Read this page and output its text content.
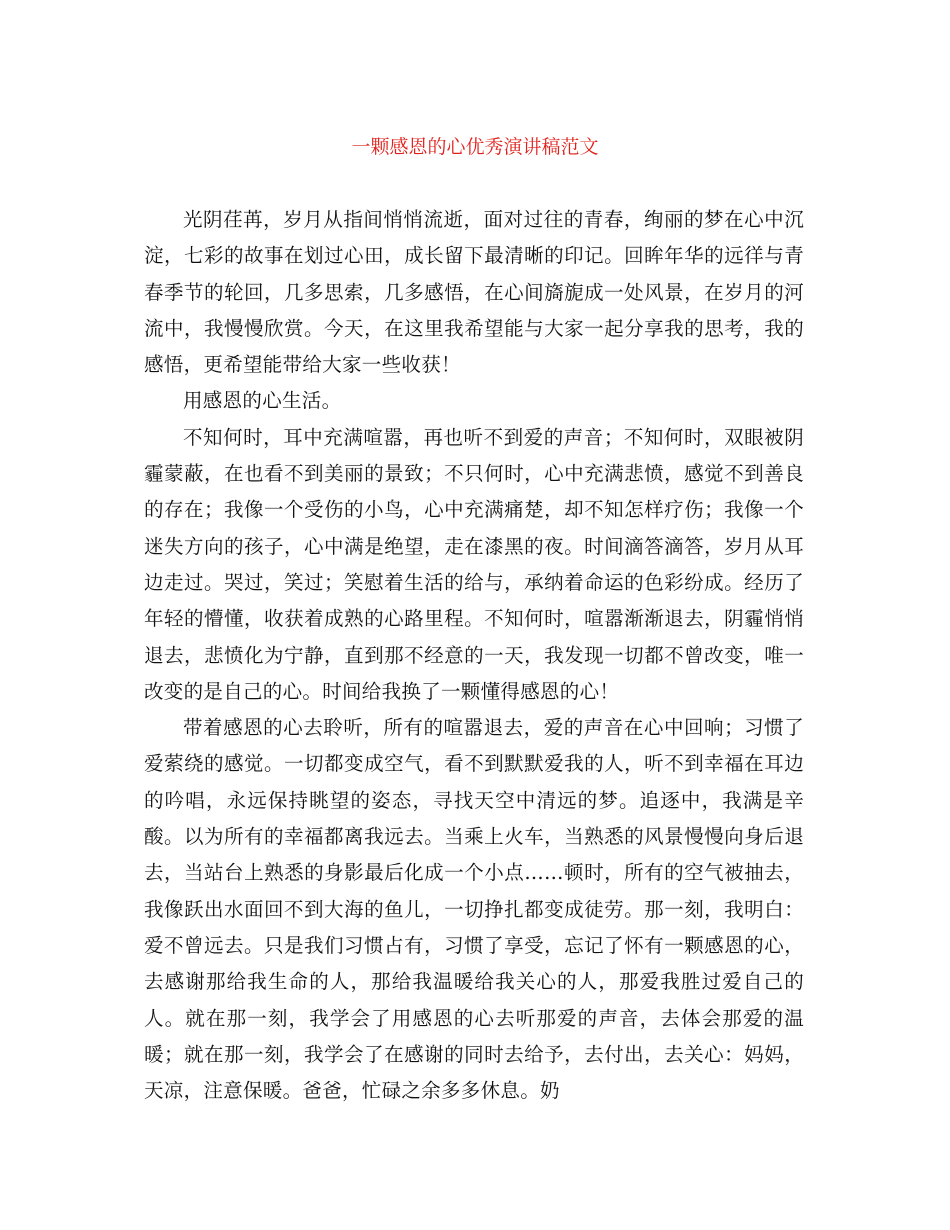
一颗感恩的心优秀演讲稿范文

光阴荏苒，岁月从指间悄悄流逝，面对过往的青春，绚丽的梦在心中沉淀，七彩的故事在划过心田，成长留下最清晰的印记。回眸年华的远徉与青春季节的轮回，几多思索，几多感悟，在心间旖旎成一处风景，在岁月的河流中，我慢慢欣赏。今天，在这里我希望能与大家一起分享我的思考，我的感悟，更希望能带给大家一些收获！

用感恩的心生活。

不知何时，耳中充满喧嚣，再也听不到爱的声音；不知何时，双眼被阴霾蒙蔽，在也看不到美丽的景致；不只何时，心中充满悲愤，感觉不到善良的存在；我像一个受伤的小鸟，心中充满痛楚，却不知怎样疗伤；我像一个迷失方向的孩子，心中满是绝望，走在漆黑的夜。时间滴答滴答，岁月从耳边走过。哭过，笑过；笑慰着生活的给与，承纳着命运的色彩纷成。经历了年轻的懵懂，收获着成熟的心路里程。不知何时，喧嚣渐渐退去，阴霾悄悄退去，悲愤化为宁静，直到那不经意的一天，我发现一切都不曾改变，唯一改变的是自己的心。时间给我换了一颗懂得感恩的心！

带着感恩的心去聆听，所有的喧嚣退去，爱的声音在心中回响；习惯了爱萦绕的感觉。一切都变成空气，看不到默默爱我的人，听不到幸福在耳边的吟唱，永远保持眺望的姿态，寻找天空中清远的梦。追逐中，我满是辛酸。以为所有的幸福都离我远去。当乘上火车，当熟悉的风景慢慢向身后退去，当站台上熟悉的身影最后化成一个小点……顿时，所有的空气被抽去，我像跃出水面回不到大海的鱼儿，一切挣扎都变成徒劳。那一刻，我明白：爱不曾远去。只是我们习惯占有，习惯了享受，忘记了怀有一颗感恩的心，去感谢那给我生命的人，那给我温暖给我关心的人，那爱我胜过爱自己的人。就在那一刻，我学会了用感恩的心去听那爱的声音，去体会那爱的温暖；就在那一刻，我学会了在感谢的同时去给予，去付出，去关心：妈妈，天凉，注意保暖。爸爸，忙碌之余多多休息。奶
